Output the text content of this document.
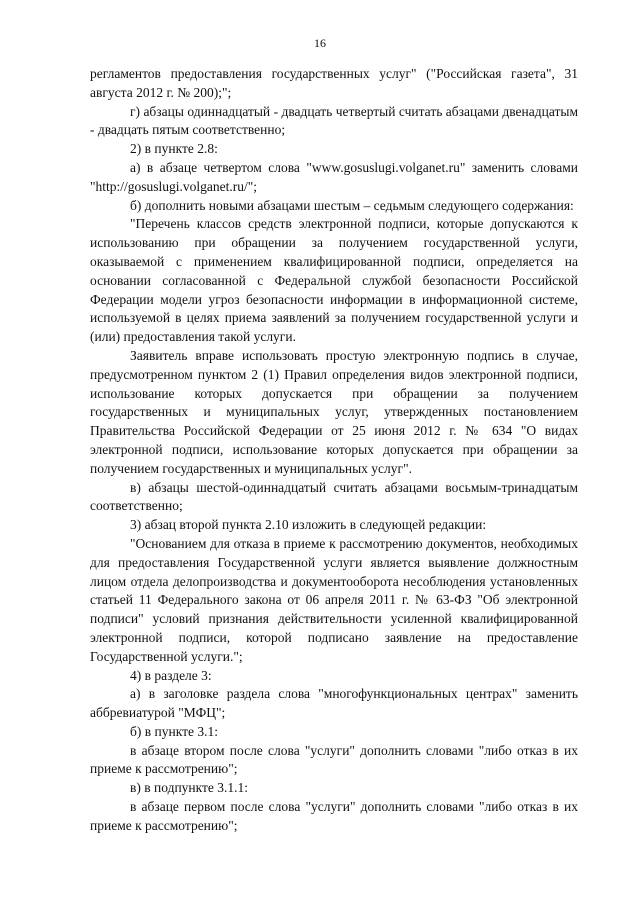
16

регламентов предоставления государственных услуг" ("Российская газета", 31 августа 2012 г. № 200);";

г) абзацы одиннадцатый - двадцать четвертый считать абзацами двенадцатым - двадцать пятым соответственно;

2) в пункте 2.8:

а) в абзаце четвертом слова "www.gosuslugi.volganet.ru" заменить словами "http://gosuslugi.volganet.ru/";

б) дополнить новыми абзацами шестым – седьмым следующего содержания:

"Перечень классов средств электронной подписи, которые допускаются к использованию при обращении за получением государственной услуги, оказываемой с применением квалифицированной подписи, определяется на основании согласованной с Федеральной службой безопасности Российской Федерации модели угроз безопасности информации в информационной системе, используемой в целях приема заявлений за получением государственной услуги и (или) предоставления такой услуги.

Заявитель вправе использовать простую электронную подпись в случае, предусмотренном пунктом 2 (1) Правил определения видов электронной подписи, использование которых допускается при обращении за получением государственных и муниципальных услуг, утвержденных постановлением Правительства Российской Федерации от 25 июня 2012 г. № 634 "О видах электронной подписи, использование которых допускается при обращении за получением государственных и муниципальных услуг".

в) абзацы шестой-одиннадцатый считать абзацами восьмым-тринадцатым соответственно;

3) абзац второй пункта 2.10 изложить в следующей редакции:

"Основанием для отказа в приеме к рассмотрению документов, необходимых для предоставления Государственной услуги является выявление должностным лицом отдела делопроизводства и документооборота несоблюдения установленных статьей 11 Федерального закона от 06 апреля 2011 г. № 63-ФЗ "Об электронной подписи" условий признания действительности усиленной квалифицированной электронной подписи, которой подписано заявление на предоставление Государственной услуги.";

4) в разделе 3:

а) в заголовке раздела слова "многофункциональных центрах" заменить аббревиатурой "МФЦ";

б) в пункте 3.1:

в абзаце втором после слова "услуги" дополнить словами "либо отказ в их приеме к рассмотрению";

в) в подпункте 3.1.1:

в абзаце первом после слова "услуги" дополнить словами "либо отказ в их приеме к рассмотрению";
